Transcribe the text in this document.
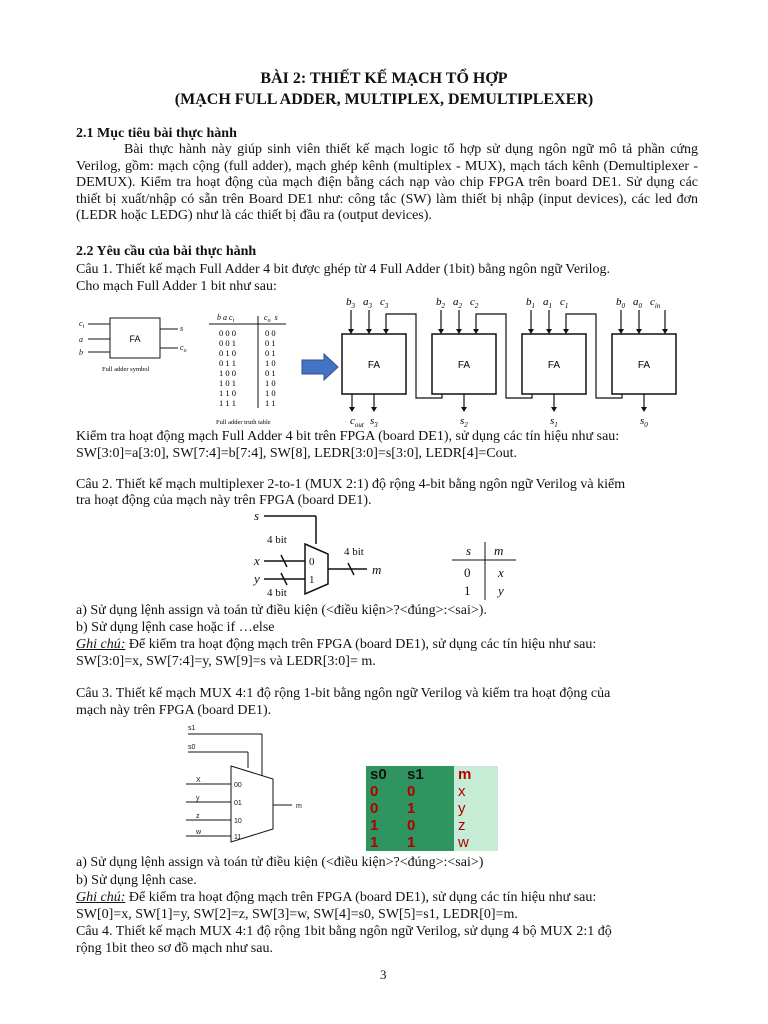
BÀI 2: THIẾT KẾ MẠCH TỔ HỢP
(MẠCH FULL ADDER, MULTIPLEX, DEMULTIPLEXER)
2.1 Mục tiêu bài thực hành
Bài thực hành này giúp sinh viên thiết kế mạch logic tổ hợp sử dụng ngôn ngữ mô tả phần cứng Verilog, gồm: mạch cộng (full adder), mạch ghép kênh (multiplex - MUX), mạch tách kênh (Demultiplexer - DEMUX). Kiểm tra hoạt động của mạch điện bằng cách nạp vào chip FPGA trên board DE1. Sử dụng các thiết bị xuất/nhập có sẵn trên Board DE1 như: công tắc (SW) làm thiết bị nhập (input devices), các led đơn (LEDR hoặc LEDG) như là các thiết bị đầu ra (output devices).
2.2 Yêu cầu của bài thực hành
Câu 1. Thiết kế mạch Full Adder 4 bit được ghép từ 4 Full Adder (1bit) bằng ngôn ngữ Verilog.
Cho mạch Full Adder 1 bit như sau:
$c_i$
a
b
s
$c_o$
FA
Full adder symbol
b a $c_i$	$c_o$ s
0 0 0	0 0
0 0 1	0 1
0 1 0	0 1
0 1 1	1 0
1 0 0	0 1
1 0 1	1 0
1 1 0	1 0
1 1 1	1 1
Full adder truth table
FA
$b_3$ $a_3$ $c_3$
$s_3$
FA
$b_2$ $a_2$ $c_2$
$s_2$
FA
$b_1$ $a_1$ $c_1$
$s_1$
FA
$b_0$ $a_0$ $c_{in}$
$s_0$
$c_{out}$
Kiểm tra hoạt động mạch Full Adder 4 bit trên FPGA (board DE1), sử dụng các tín hiệu như sau:
SW[3:0]=a[3:0], SW[7:4]=b[7:4], SW[8], LEDR[3:0]=s[3:0], LEDR[4]=Cout.
Câu 2. Thiết kế mạch multiplexer 2-to-1 (MUX 2:1) độ rộng 4-bit bằng ngôn ngữ Verilog và kiểm
tra hoạt động của mạch này trên FPGA (board DE1).
s
x
y
m
4 bit
4 bit
4 bit
0
1
s m
0 x
1 y
a) Sử dụng lệnh assign và toán tử điều kiện (<điều kiện>?<đúng>:<sai>).
b) Sử dụng lệnh case hoặc if …else
Ghi chú: Để kiểm tra hoạt động mạch trên FPGA (board DE1), sử dụng các tín hiệu như sau:
SW[3:0]=x, SW[7:4]=y, SW[9]=s và LEDR[3:0]= m.
Câu 3. Thiết kế mạch MUX 4:1 độ rộng 1-bit bằng ngôn ngữ Verilog và kiểm tra hoạt động của
mạch này trên FPGA (board DE1).
s1
s0
X
y
z
w
00
01
10
11
m
s0	s1	m
0	0	x
0	1	y
1	0	z
1	1	w
a) Sử dụng lệnh assign và toán tử điều kiện (<điều kiện>?<đúng>:<sai>)
b) Sử dụng lệnh case.
Ghi chú: Để kiểm tra hoạt động mạch trên FPGA (board DE1), sử dụng các tín hiệu như sau:
SW[0]=x, SW[1]=y, SW[2]=z, SW[3]=w, SW[4]=s0, SW[5]=s1, LEDR[0]=m.
Câu 4. Thiết kế mạch MUX 4:1 độ rộng 1bit bằng ngôn ngữ Verilog, sử dụng 4 bộ MUX 2:1 độ
rộng 1bit theo sơ đồ mạch như sau.
3
